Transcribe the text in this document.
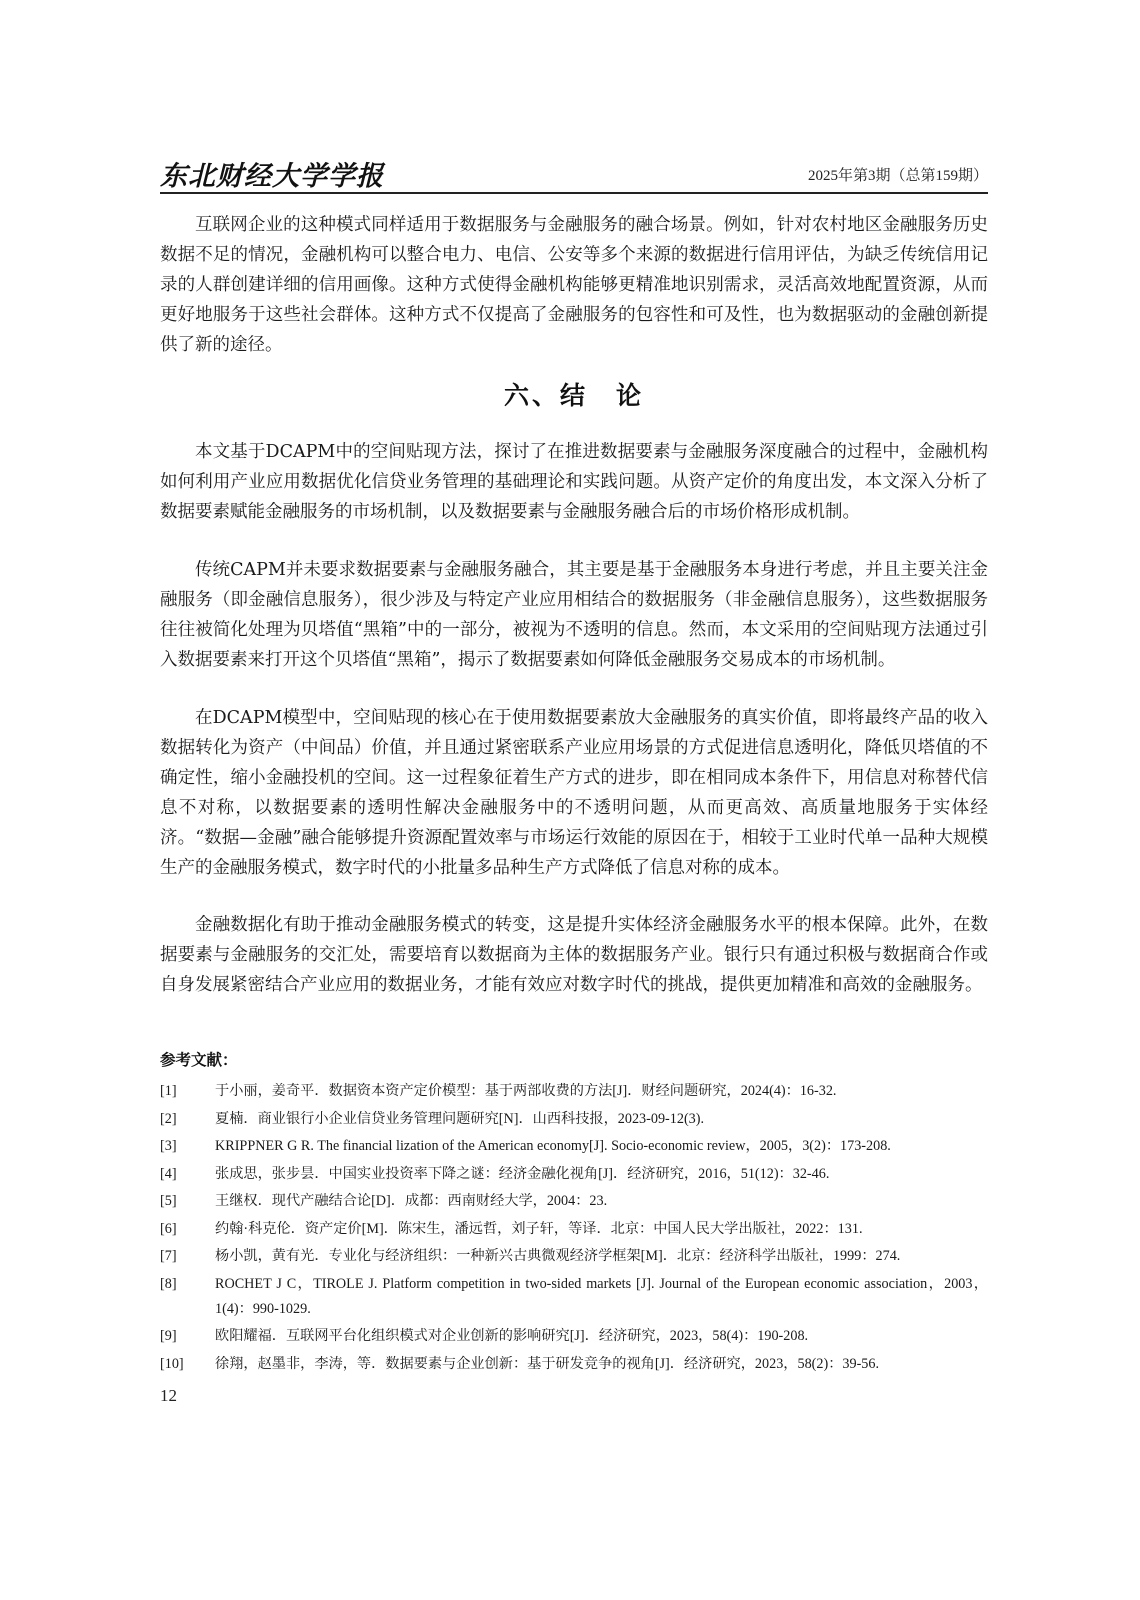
东北财经大学学报	2025年第3期（总第159期）

互联网企业的这种模式同样适用于数据服务与金融服务的融合场景。例如，针对农村地区金融服务历史数据不足的情况，金融机构可以整合电力、电信、公安等多个来源的数据进行信用评估，为缺乏传统信用记录的人群创建详细的信用画像。这种方式使得金融机构能够更精准地识别需求，灵活高效地配置资源，从而更好地服务于这些社会群体。这种方式不仅提高了金融服务的包容性和可及性，也为数据驱动的金融创新提供了新的途径。

六、结　论

本文基于DCAPM中的空间贴现方法，探讨了在推进数据要素与金融服务深度融合的过程中，金融机构如何利用产业应用数据优化信贷业务管理的基础理论和实践问题。从资产定价的角度出发，本文深入分析了数据要素赋能金融服务的市场机制，以及数据要素与金融服务融合后的市场价格形成机制。

传统CAPM并未要求数据要素与金融服务融合，其主要是基于金融服务本身进行考虑，并且主要关注金融服务（即金融信息服务），很少涉及与特定产业应用相结合的数据服务（非金融信息服务），这些数据服务往往被简化处理为贝塔值“黑箱”中的一部分，被视为不透明的信息。然而，本文采用的空间贴现方法通过引入数据要素来打开这个贝塔值“黑箱”，揭示了数据要素如何降低金融服务交易成本的市场机制。

在DCAPM模型中，空间贴现的核心在于使用数据要素放大金融服务的真实价值，即将最终产品的收入数据转化为资产（中间品）价值，并且通过紧密联系产业应用场景的方式促进信息透明化，降低贝塔值的不确定性，缩小金融投机的空间。这一过程象征着生产方式的进步，即在相同成本条件下，用信息对称替代信息不对称，以数据要素的透明性解决金融服务中的不透明问题，从而更高效、高质量地服务于实体经济。“数据—金融”融合能够提升资源配置效率与市场运行效能的原因在于，相较于工业时代单一品种大规模生产的金融服务模式，数字时代的小批量多品种生产方式降低了信息对称的成本。

金融数据化有助于推动金融服务模式的转变，这是提升实体经济金融服务水平的根本保障。此外，在数据要素与金融服务的交汇处，需要培育以数据商为主体的数据服务产业。银行只有通过积极与数据商合作或自身发展紧密结合产业应用的数据业务，才能有效应对数字时代的挑战，提供更加精准和高效的金融服务。

参考文献：
[1]	于小丽，姜奇平．数据资本资产定价模型：基于两部收费的方法[J]．财经问题研究，2024(4)：16-32.
[2]	夏楠．商业银行小企业信贷业务管理问题研究[N]．山西科技报，2023-09-12(3).
[3]	KRIPPNER G R. The financial lization of the American economy[J]. Socio-economic review，2005，3(2)：173-208.
[4]	张成思，张步昙．中国实业投资率下降之谜：经济金融化视角[J]．经济研究，2016，51(12)：32-46.
[5]	王继权．现代产融结合论[D]．成都：西南财经大学，2004：23.
[6]	约翰·科克伦．资产定价[M]．陈宋生，潘远哲，刘子轩，等译．北京：中国人民大学出版社，2022：131.
[7]	杨小凯，黄有光．专业化与经济组织：一种新兴古典微观经济学框架[M]．北京：经济科学出版社，1999：274.
[8]	ROCHET J C，TIROLE J. Platform competition in two-sided markets [J]. Journal of the European economic association，2003，1(4)：990-1029.
[9]	欧阳耀福．互联网平台化组织模式对企业创新的影响研究[J]．经济研究，2023，58(4)：190-208.
[10] 徐翔，赵墨非，李涛，等．数据要素与企业创新：基于研发竞争的视角[J]．经济研究，2023，58(2)：39-56.
12
